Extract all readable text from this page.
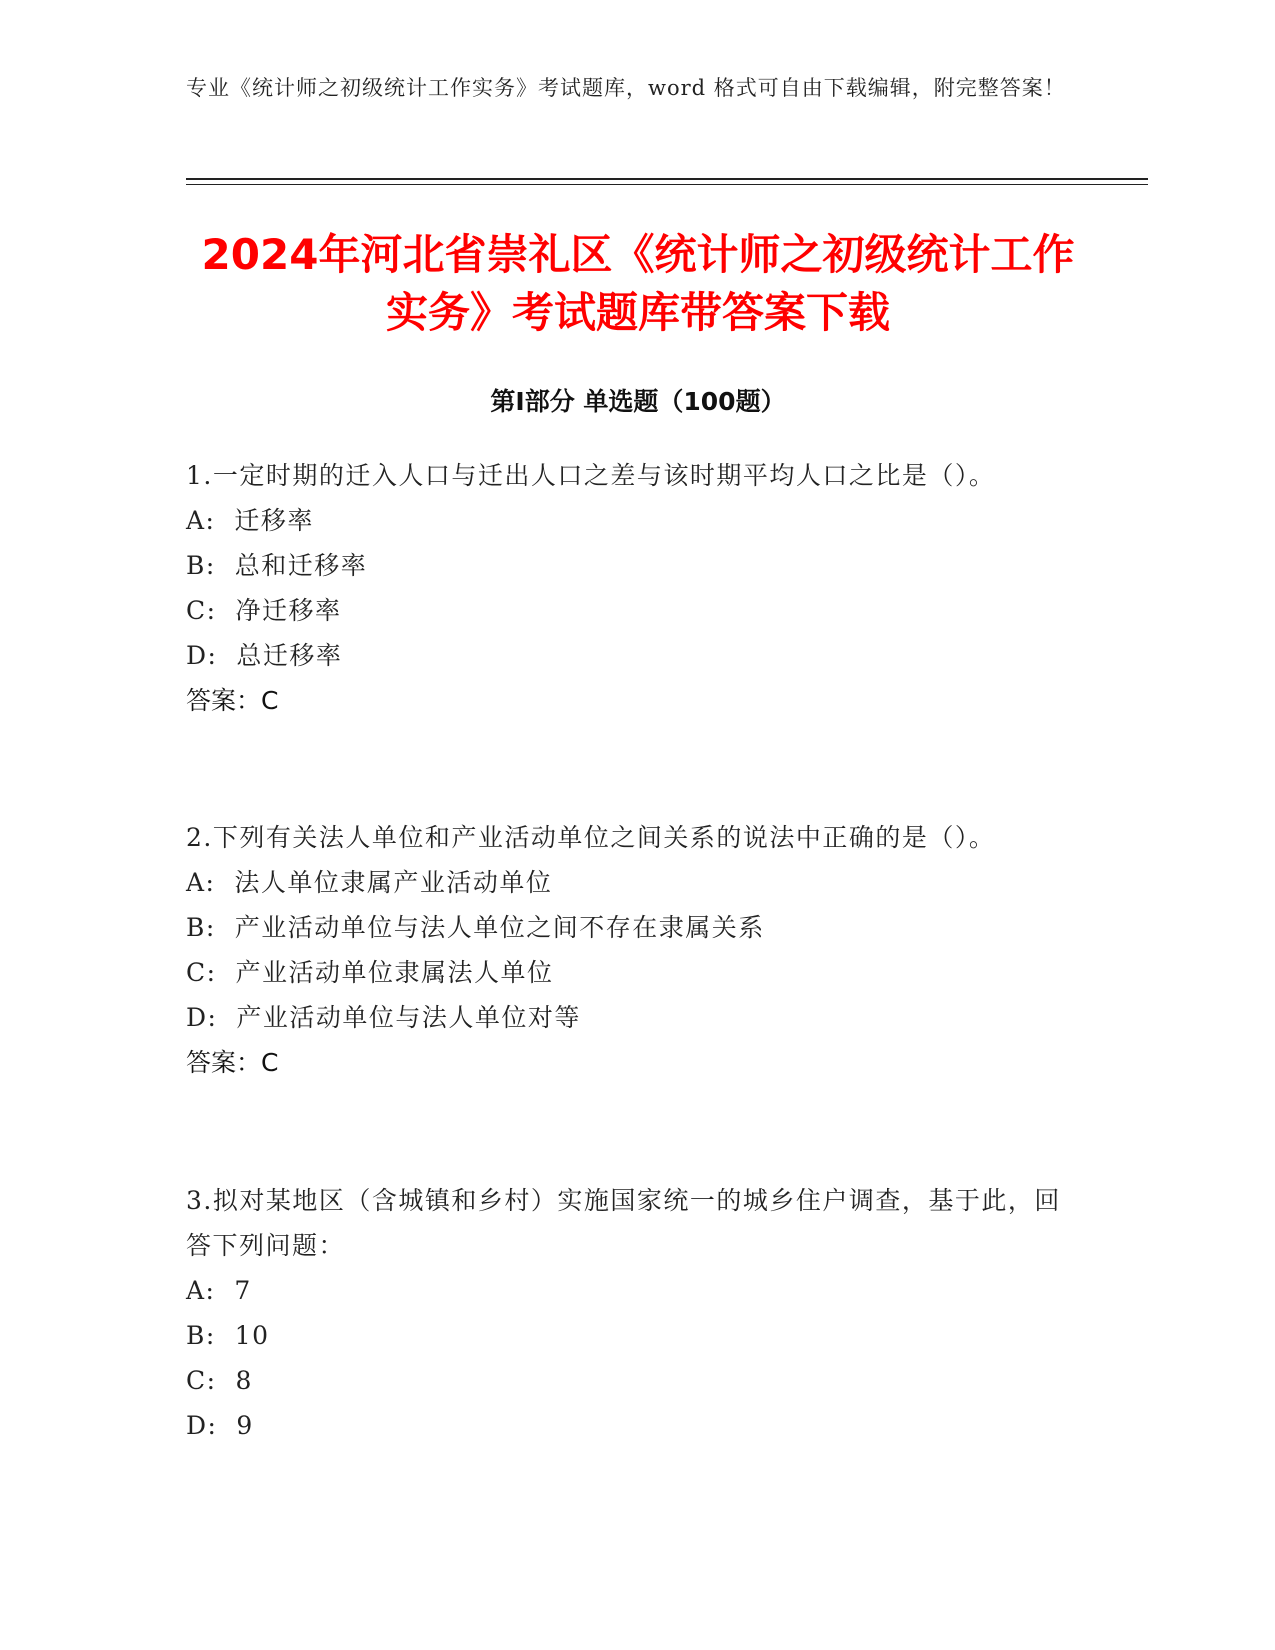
专业《统计师之初级统计工作实务》考试题库，word 格式可自由下载编辑，附完整答案！
2024年河北省崇礼区《统计师之初级统计工作实务》考试题库带答案下载
第Ⅰ部分 单选题（100题）

1.一定时期的迁入人口与迁出人口之差与该时期平均人口之比是（）。

A:  迁移率

B:  总和迁移率

C:  净迁移率

D:  总迁移率

答案：C

2.下列有关法人单位和产业活动单位之间关系的说法中正确的是（）。

A:  法人单位隶属产业活动单位

B:  产业活动单位与法人单位之间不存在隶属关系

C:  产业活动单位隶属法人单位

D:  产业活动单位与法人单位对等

答案：C

3.拟对某地区（含城镇和乡村）实施国家统一的城乡住户调查，基于此，回答下列问题：

A:  7

B:  10

C:  8

D:  9
